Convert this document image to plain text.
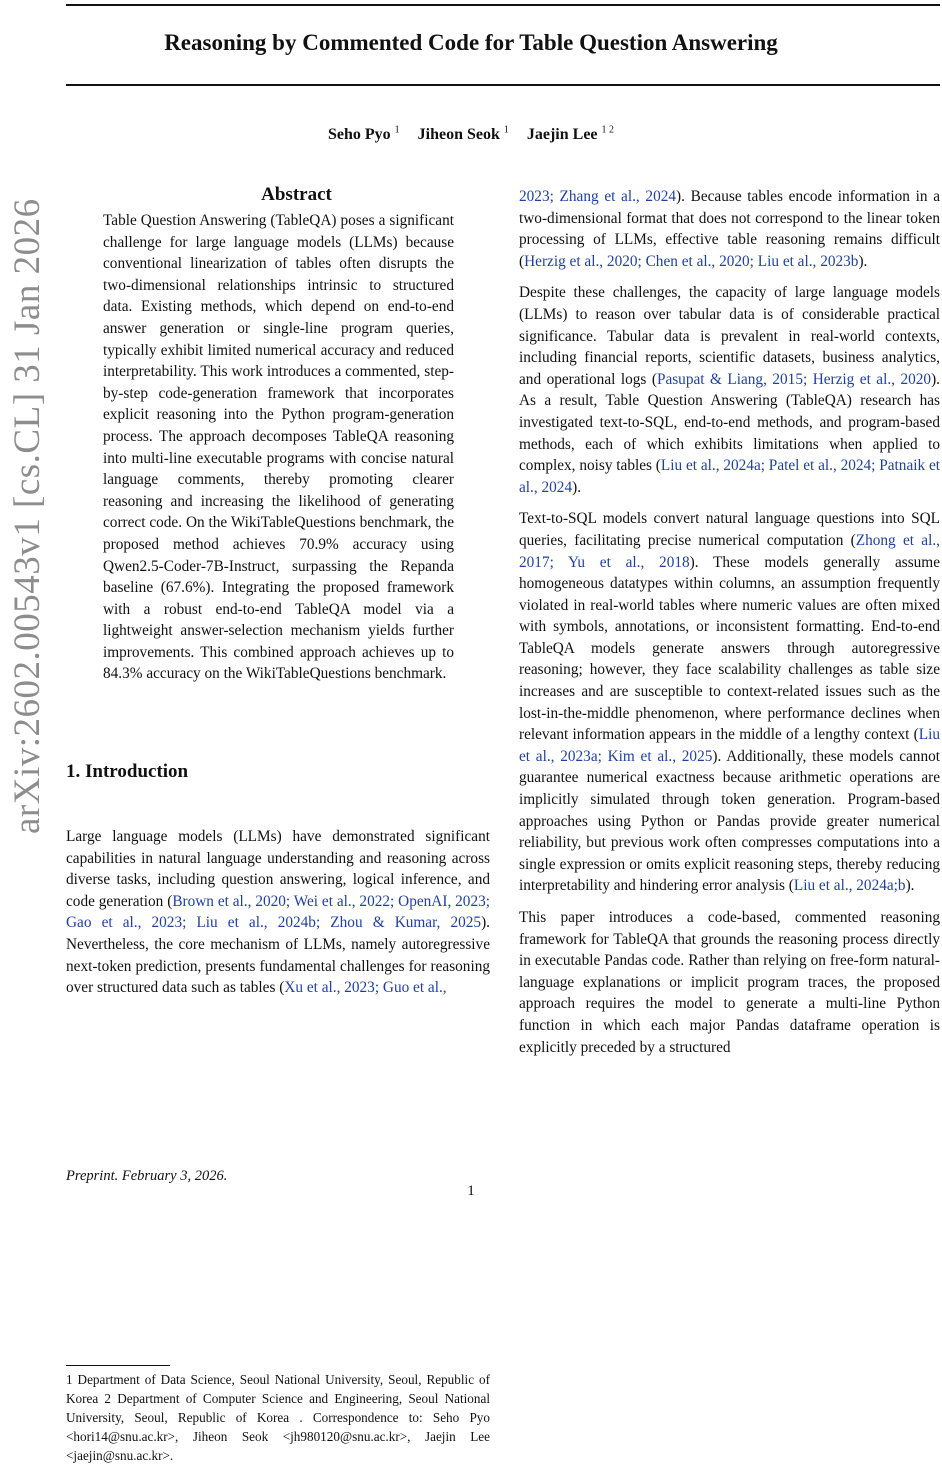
arXiv:2602.00543v1 [cs.CL] 31 Jan 2026
Reasoning by Commented Code for Table Question Answering
Seho Pyo $^1$ Jiheon Seok $^1$ Jaejin Lee $^{1 2}$
Abstract
Table Question Answering (TableQA) poses a significant challenge for large language models (LLMs) because conventional linearization of tables often disrupts the two-dimensional relationships intrinsic to structured data. Existing methods, which depend on end-to-end answer generation or single-line program queries, typically exhibit limited numerical accuracy and reduced interpretability. This work introduces a commented, step-by-step code-generation framework that incorporates explicit reasoning into the Python program-generation process. The approach decomposes TableQA reasoning into multi-line executable programs with concise natural language comments, thereby promoting clearer reasoning and increasing the likelihood of generating correct code. On the WikiTableQuestions benchmark, the proposed method achieves 70.9% accuracy using Qwen2.5-Coder-7B-Instruct, surpassing the Repanda baseline (67.6%). Integrating the proposed framework with a robust end-to-end TableQA model via a lightweight answer-selection mechanism yields further improvements. This combined approach achieves up to 84.3% accuracy on the WikiTableQuestions benchmark.
1. Introduction
Large language models (LLMs) have demonstrated significant capabilities in natural language understanding and reasoning across diverse tasks, including question answering, logical inference, and code generation (Brown et al., 2020; Wei et al., 2022; OpenAI, 2023; Gao et al., 2023; Liu et al., 2024b; Zhou & Kumar, 2025). Nevertheless, the core mechanism of LLMs, namely autoregressive next-token prediction, presents fundamental challenges for reasoning over structured data such as tables (Xu et al., 2023; Guo et al.,
1 Department of Data Science, Seoul National University, Seoul, Republic of Korea 2 Department of Computer Science and Engineering, Seoul National University, Seoul, Republic of Korea . Correspondence to: Seho Pyo <hori14@snu.ac.kr>, Jiheon Seok <jh980120@snu.ac.kr>, Jaejin Lee <jaejin@snu.ac.kr>.
Preprint. February 3, 2026.

2023; Zhang et al., 2024). Because tables encode information in a two-dimensional format that does not correspond to the linear token processing of LLMs, effective table reasoning remains difficult (Herzig et al., 2020; Chen et al., 2020; Liu et al., 2023b).

Despite these challenges, the capacity of large language models (LLMs) to reason over tabular data is of considerable practical significance. Tabular data is prevalent in real-world contexts, including financial reports, scientific datasets, business analytics, and operational logs (Pasupat & Liang, 2015; Herzig et al., 2020). As a result, Table Question Answering (TableQA) research has investigated text-to-SQL, end-to-end methods, and program-based methods, each of which exhibits limitations when applied to complex, noisy tables (Liu et al., 2024a; Patel et al., 2024; Patnaik et al., 2024).

Text-to-SQL models convert natural language questions into SQL queries, facilitating precise numerical computation (Zhong et al., 2017; Yu et al., 2018). These models generally assume homogeneous datatypes within columns, an assumption frequently violated in real-world tables where numeric values are often mixed with symbols, annotations, or inconsistent formatting. End-to-end TableQA models generate answers through autoregressive reasoning; however, they face scalability challenges as table size increases and are susceptible to context-related issues such as the lost-in-the-middle phenomenon, where performance declines when relevant information appears in the middle of a lengthy context (Liu et al., 2023a; Kim et al., 2025). Additionally, these models cannot guarantee numerical exactness because arithmetic operations are implicitly simulated through token generation. Program-based approaches using Python or Pandas provide greater numerical reliability, but previous work often compresses computations into a single expression or omits explicit reasoning steps, thereby reducing interpretability and hindering error analysis (Liu et al., 2024a;b).

This paper introduces a code-based, commented reasoning framework for TableQA that grounds the reasoning process directly in executable Pandas code. Rather than relying on free-form natural-language explanations or implicit program traces, the proposed approach requires the model to generate a multi-line Python function in which each major Pandas dataframe operation is explicitly preceded by a structured

1
